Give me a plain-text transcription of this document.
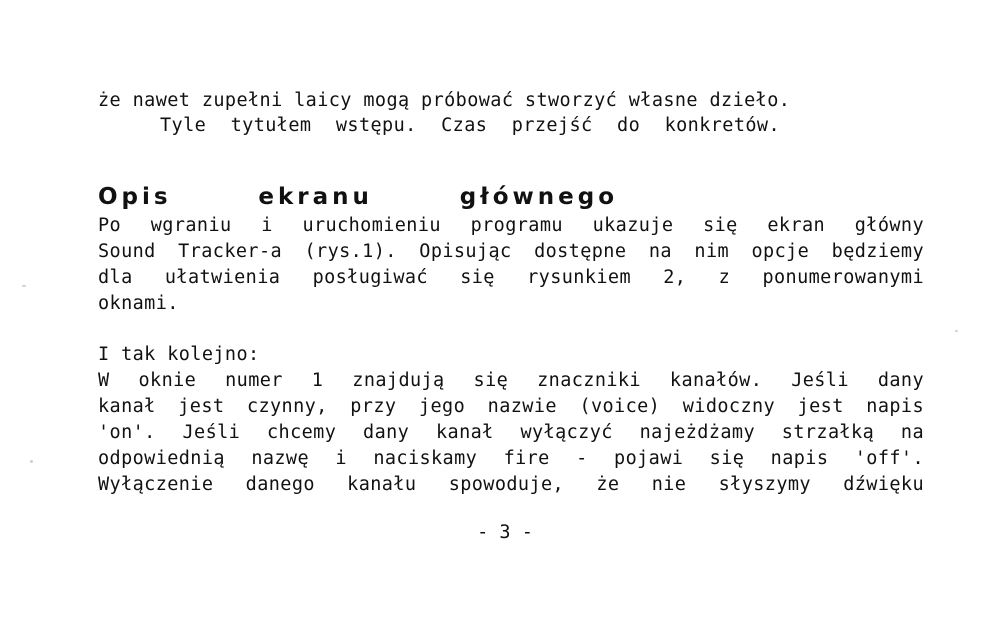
że nawet zupełni laicy mogą próbować stworzyć własne dzieło.
Tyle tytułem wstępu. Czas przejść do konkretów.
Opis ekranu głównego
Po wgraniu i uruchomieniu programu ukazuje się ekran główny
Sound Tracker-a (rys.1). Opisując dostępne na nim opcje będziemy
dla ułatwienia posługiwać się rysunkiem 2, z ponumerowanymi
oknami.
I tak kolejno:
W oknie numer 1 znajdują się znaczniki kanałów. Jeśli dany
kanał jest czynny, przy jego nazwie (voice) widoczny jest napis
'on'. Jeśli chcemy dany kanał wyłączyć najeżdżamy strzałką na
odpowiednią nazwę i naciskamy fire - pojawi się napis 'off'.
Wyłączenie danego kanału spowoduje, że nie słyszymy dźwięku
- 3 -
